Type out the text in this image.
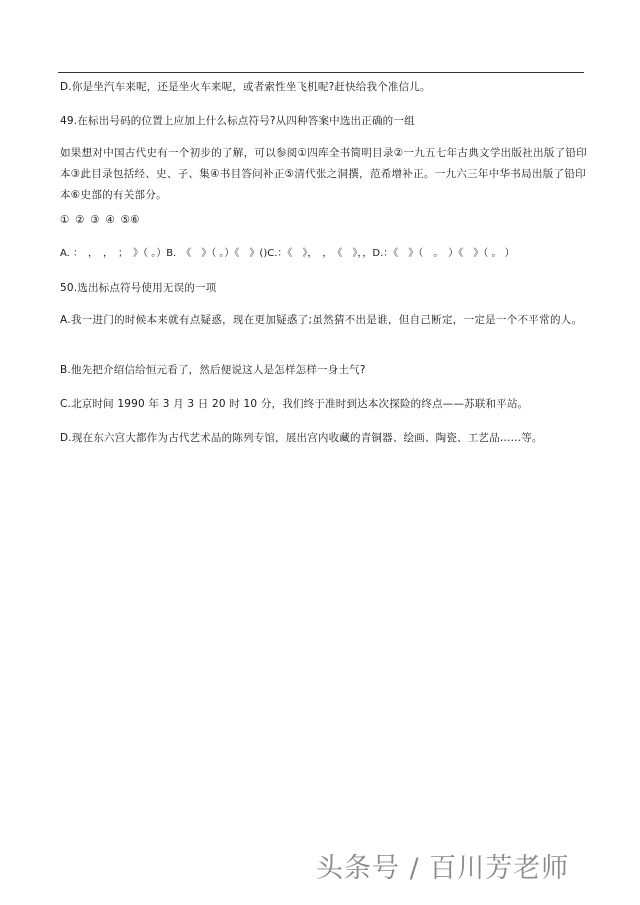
D.你是坐汽车来呢，还是坐火车来呢，或者索性坐飞机呢?赶快给我个准信儿。
49.在标出号码的位置上应加上什么标点符号?从四种答案中选出正确的一组
如果想对中国古代史有一个初步的了解，可以参阅①四库全书简明目录②一九五七年古典文学出版社出版了铅印本③此目录包括经、史、子、集④书目答问补正⑤清代张之洞撰，范希增补正。一九六三年中华书局出版了铅印本⑥史部的有关部分。
① ② ③ ④ ⑤⑥
A. ：　，　，　；　》（ 。）B.　《　》（ 。）《　》()C.：《　》，　，　《　》，，D.：《　》（　。　）《　》（ 。 ）
50.选出标点符号使用无误的一项
A.我一进门的时候本来就有点疑惑，现在更加疑惑了;虽然猜不出是谁，但自己断定，一定是一个不平常的人。
B.他先把介绍信给恒元看了，然后便说这人是怎样怎样一身土气?
C.北京时间 1990 年 3 月 3 日 20 时 10 分，我们终于准时到达本次探险的终点——苏联和平站。
D.现在东六宫大都作为古代艺术品的陈列专馆，展出宫内收藏的青铜器、绘画、陶瓷、工艺品……等。
头条号 / 百川芳老师
